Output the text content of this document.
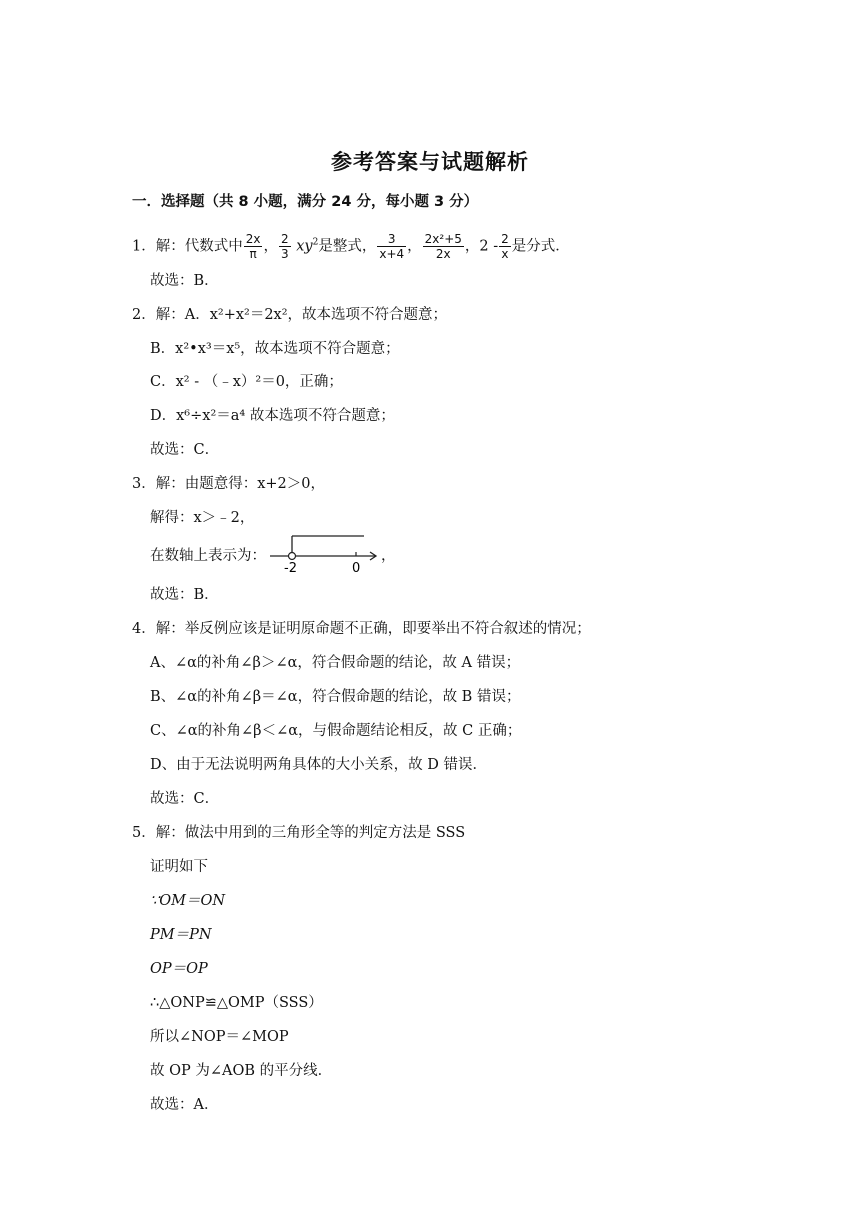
参考答案与试题解析
一．选择题（共 8 小题，满分 24 分，每小题 3 分）
1．解：代数式中 $\frac{2x}{\pi}$ ， $\frac{2}{3} xy^2$是整式， $\frac{3}{x+4}$ ， $\frac{\text{2x²+5}}{2x}$ ，$2 - \frac{2}{x}$ 是分式．
故选：B．
2．解：A．x²+x²＝2x²，故本选项不符合题意；
B．x²•x³＝x⁵，故本选项不符合题意；
C．x² - （﹣x）²＝0，正确；
D．x⁶÷x²＝a⁴ 故本选项不符合题意；
故选：C．
3．解：由题意得：x+2＞0，
解得：x＞﹣2，
在数轴上表示为：
-2	0
，
故选：B．
4．解：举反例应该是证明原命题不正确，即要举出不符合叙述的情况；
A、∠α的补角∠β＞∠α，符合假命题的结论，故 A 错误；
B、∠α的补角∠β＝∠α，符合假命题的结论，故 B 错误；
C、∠α的补角∠β＜∠α，与假命题结论相反，故 C 正确；
D、由于无法说明两角具体的大小关系，故 D 错误．
故选：C．
5．解：做法中用到的三角形全等的判定方法是 SSS
证明如下
∵OM＝ON
PM＝PN
OP＝OP
∴△ONP≌△OMP（SSS）
所以∠NOP＝∠MOP
故 OP 为∠AOB 的平分线．
故选：A．
